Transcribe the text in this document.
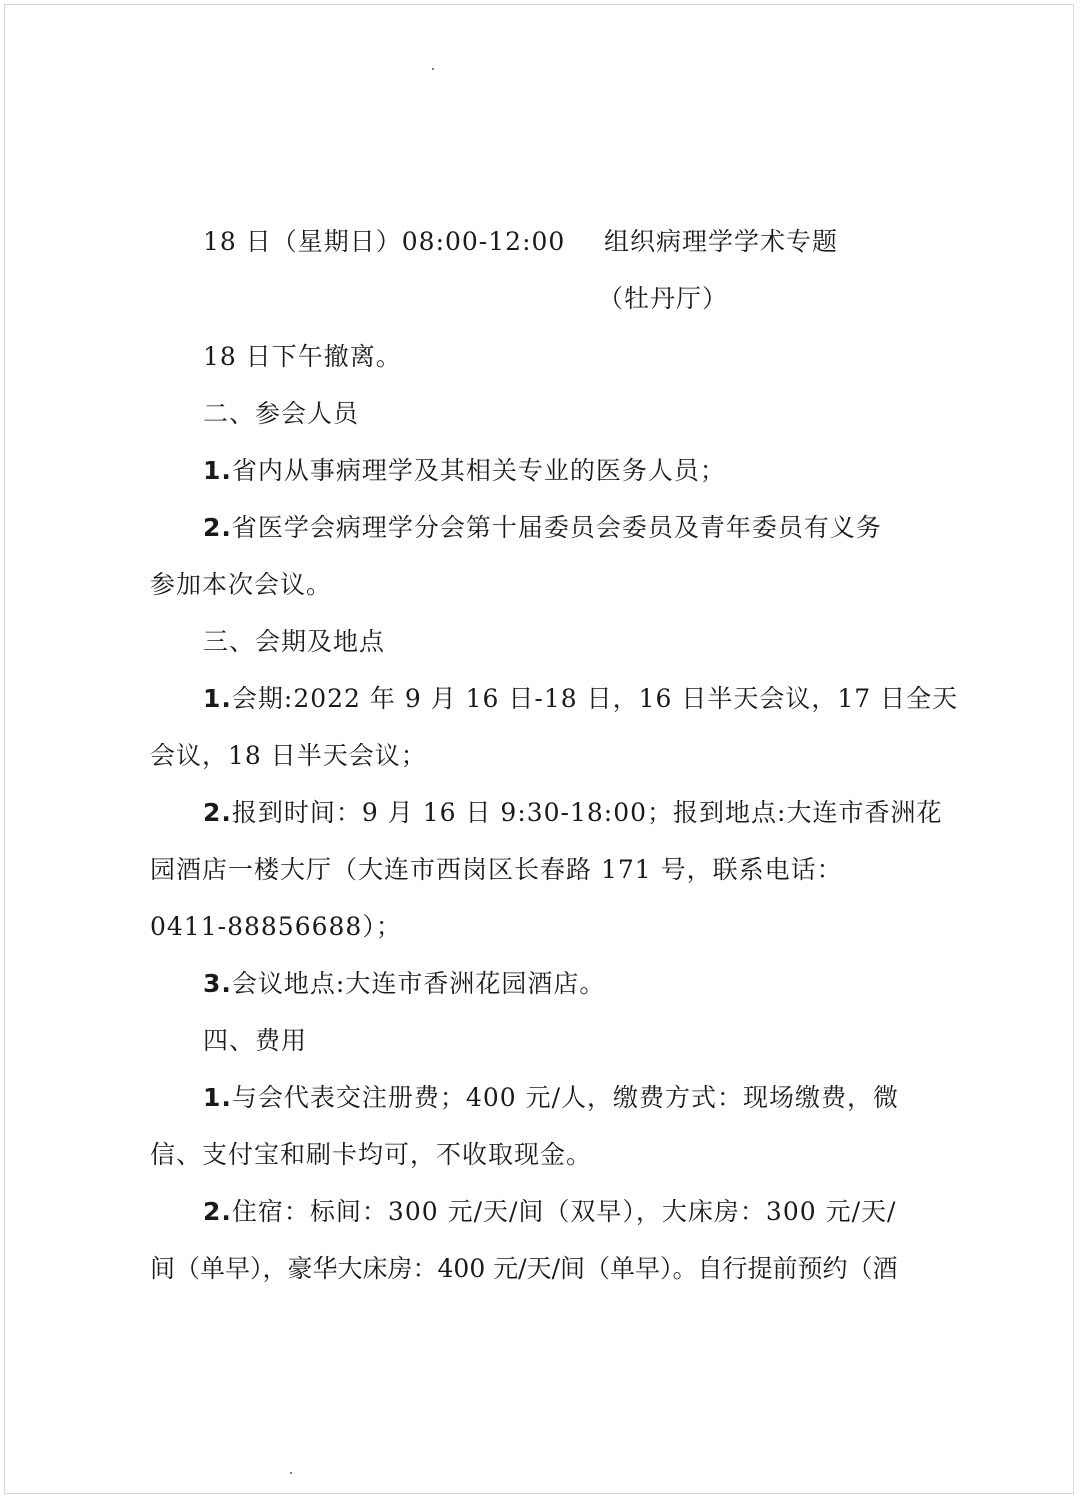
18 日（星期日）08:00-12:00 组织病理学学术专题
（牡丹厅）
18 日下午撤离。
二、参会人员
1.省内从事病理学及其相关专业的医务人员；
2.省医学会病理学分会第十届委员会委员及青年委员有义务
参加本次会议。
三、会期及地点
1.会期:2022 年 9 月 16 日-18 日，16 日半天会议，17 日全天
会议，18 日半天会议；
2.报到时间：9 月 16 日 9:30-18:00；报到地点:大连市香洲花
园酒店一楼大厅（大连市西岗区长春路 171 号，联系电话：
0411-88856688）；
3.会议地点:大连市香洲花园酒店。
四、费用
1.与会代表交注册费；400 元/人，缴费方式：现场缴费，微
信、支付宝和刷卡均可，不收取现金。
2.住宿：标间：300 元/天/间（双早），大床房：300 元/天/
间（单早），豪华大床房：400 元/天/间（单早）。自行提前预约（酒
